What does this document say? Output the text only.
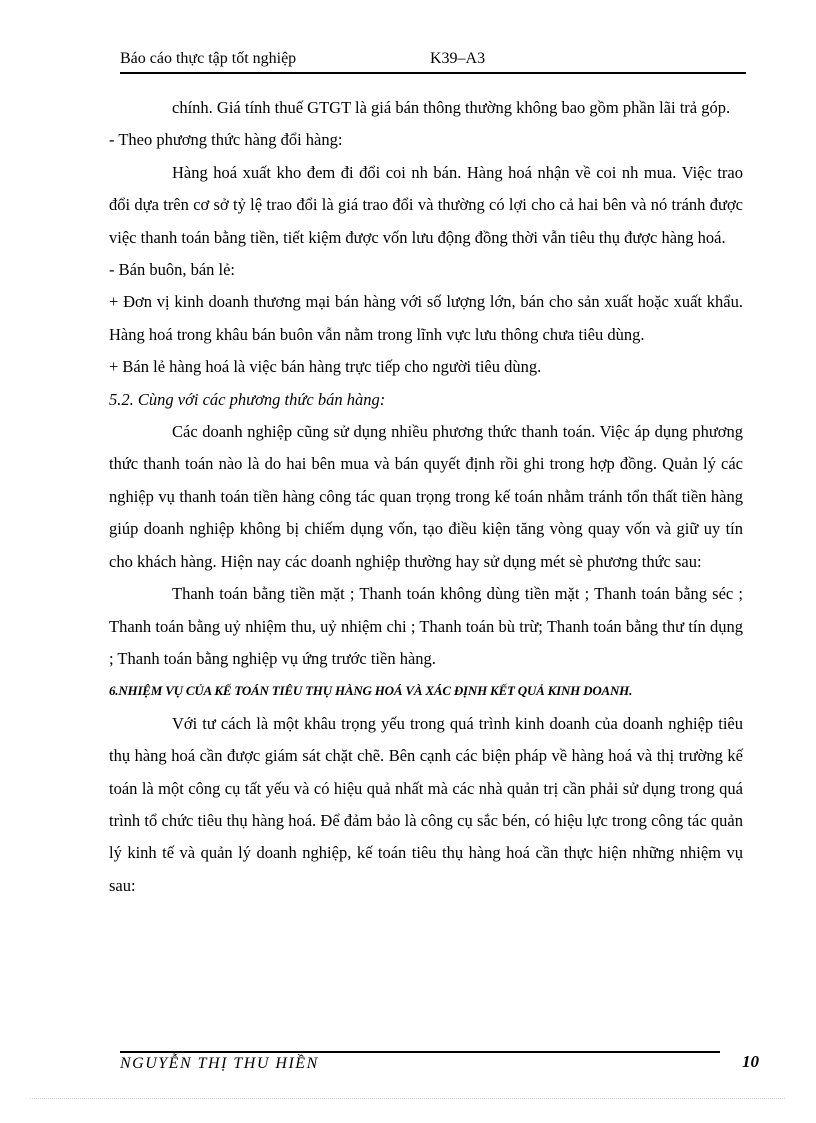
Báo cáo thực tập tốt nghiệp	K39–A3

chính. Giá tính thuế GTGT là giá bán thông thường không bao gồm phần lãi trả góp.

- Theo phương thức hàng đổi hàng:

Hàng hoá xuất kho đem đi đổi coi nh bán. Hàng hoá nhận về coi nh mua. Việc trao đổi dựa trên cơ sở tỷ lệ trao đổi là giá trao đổi và thường có lợi cho cả hai bên và nó tránh được việc thanh toán bằng tiền, tiết kiệm được vốn lưu động đồng thời vẫn tiêu thụ được hàng hoá.

- Bán buôn, bán lẻ:

+ Đơn vị kinh doanh thương mại bán hàng với số lượng lớn, bán cho sản xuất hoặc xuất khẩu. Hàng hoá trong khâu bán buôn vẫn nằm trong lĩnh vực lưu thông chưa tiêu dùng.

+ Bán lẻ hàng hoá là việc bán hàng trực tiếp cho người tiêu dùng.

5.2. Cùng với các phương thức bán hàng:

Các doanh nghiệp cũng sử dụng nhiều phương thức thanh toán. Việc áp dụng phương thức thanh toán nào là do hai bên mua và bán quyết định rồi ghi trong hợp đồng. Quản lý các nghiệp vụ thanh toán tiền hàng công tác quan trọng trong kế toán nhằm tránh tổn thất tiền hàng giúp doanh nghiệp không bị chiếm dụng vốn, tạo điều kiện tăng vòng quay vốn và giữ uy tín cho khách hàng. Hiện nay các doanh nghiệp thường hay sử dụng mét sè phương thức sau:

Thanh toán bằng tiền mặt ; Thanh toán không dùng tiền mặt ; Thanh toán bằng séc ; Thanh toán bằng uỷ nhiệm thu, uỷ nhiệm chi ; Thanh toán bù trừ; Thanh toán bằng thư tín dụng ; Thanh toán bằng nghiệp vụ ứng trước tiền hàng.

6.NHIỆM VỤ CỦA KẾ TOÁN TIÊU THỤ HÀNG HOÁ VÀ XÁC ĐỊNH KẾT QUẢ KINH DOANH.

Với tư cách là một khâu trọng yếu trong quá trình kinh doanh của doanh nghiệp tiêu thụ hàng hoá cần được giám sát chặt chẽ. Bên cạnh các biện pháp về hàng hoá và thị trường kế toán là một công cụ tất yếu và có hiệu quả nhất mà các nhà quản trị cần phải sử dụng trong quá trình tổ chức tiêu thụ hàng hoá. Để đảm bảo là công cụ sắc bén, có hiệu lực trong công tác quản lý kinh tế và quản lý doanh nghiệp, kế toán tiêu thụ hàng hoá cần thực hiện những nhiệm vụ sau:

NGUYỄN THỊ THU HIỀN	10
